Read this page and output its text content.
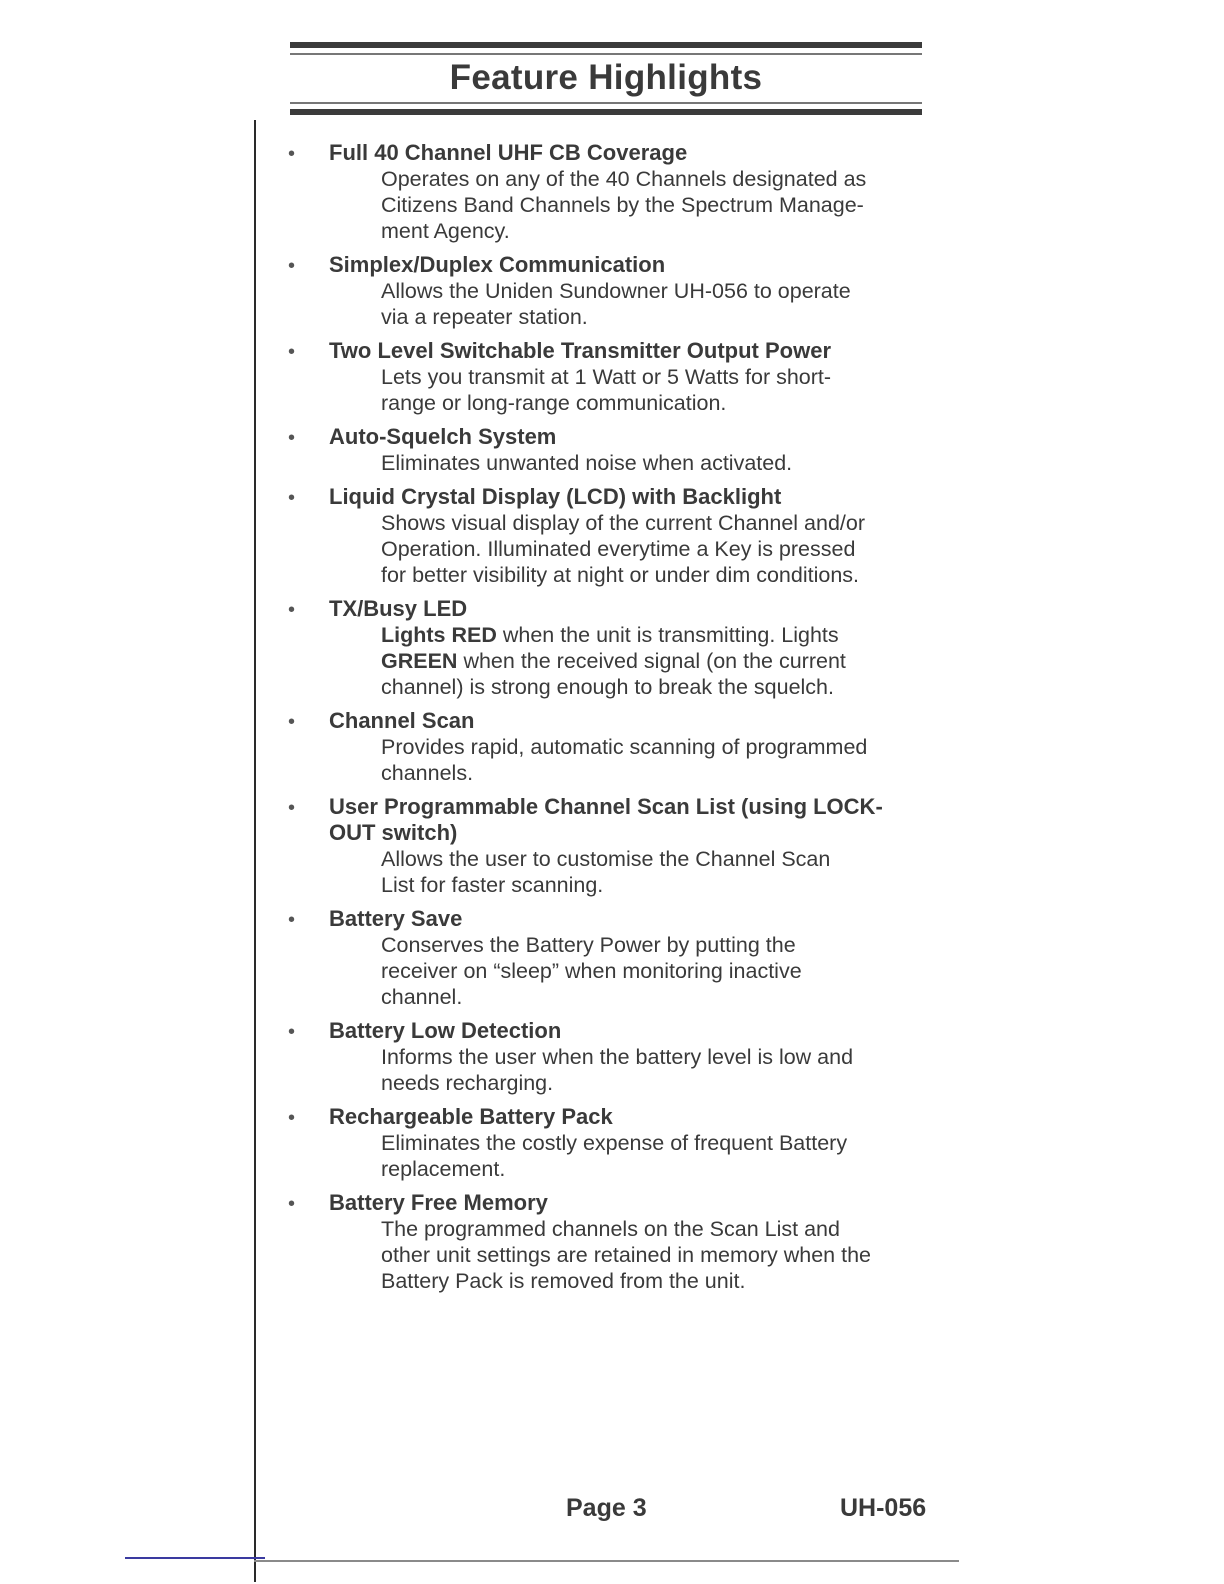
Feature Highlights
• Full 40 Channel UHF CB Coverage
Operates on any of the 40 Channels designated as
Citizens Band Channels by the Spectrum Manage-
ment Agency.
• Simplex/Duplex Communication
Allows the Uniden Sundowner UH-056 to operate
via a repeater station.
• Two Level Switchable Transmitter Output Power
Lets you transmit at 1 Watt or 5 Watts for short-
range or long-range communication.
• Auto-Squelch System
Eliminates unwanted noise when activated.
• Liquid Crystal Display (LCD) with Backlight
Shows visual display of the current Channel and/or
Operation. Illuminated everytime a Key is pressed
for better visibility at night or under dim conditions.
• TX/Busy LED
Lights RED when the unit is transmitting. Lights
GREEN when the received signal (on the current
channel) is strong enough to break the squelch.
• Channel Scan
Provides rapid, automatic scanning of programmed
channels.
• User Programmable Channel Scan List (using LOCK-
OUT switch)
Allows the user to customise the Channel Scan
List for faster scanning.
• Battery Save
Conserves the Battery Power by putting the
receiver on “sleep” when monitoring inactive
channel.
• Battery Low Detection
Informs the user when the battery level is low and
needs recharging.
• Rechargeable Battery Pack
Eliminates the costly expense of frequent Battery
replacement.
• Battery Free Memory
The programmed channels on the Scan List and
other unit settings are retained in memory when the
Battery Pack is removed from the unit.
Page 3	UH-056
